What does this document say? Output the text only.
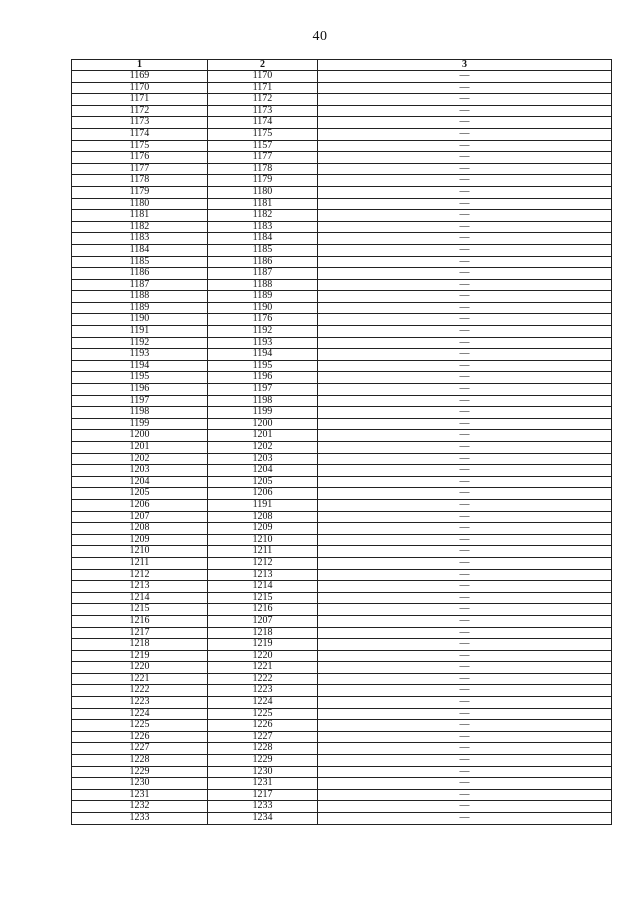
40
1	2	3
1169	1170	—
1170	1171	—
1171	1172	—
1172	1173	—
1173	1174	—
1174	1175	—
1175	1157	—
1176	1177	—
1177	1178	—
1178	1179	—
1179	1180	—
1180	1181	—
1181	1182	—
1182	1183	—
1183	1184	—
1184	1185	—
1185	1186	—
1186	1187	—
1187	1188	—
1188	1189	—
1189	1190	—
1190	1176	—
1191	1192	—
1192	1193	—
1193	1194	—
1194	1195	—
1195	1196	—
1196	1197	—
1197	1198	—
1198	1199	—
1199	1200	—
1200	1201	—
1201	1202	—
1202	1203	—
1203	1204	—
1204	1205	—
1205	1206	—
1206	1191	—
1207	1208	—
1208	1209	—
1209	1210	—
1210	1211	—
1211	1212	—
1212	1213	—
1213	1214	—
1214	1215	—
1215	1216	—
1216	1207	—
1217	1218	—
1218	1219	—
1219	1220	—
1220	1221	—
1221	1222	—
1222	1223	—
1223	1224	—
1224	1225	—
1225	1226	—
1226	1227	—
1227	1228	—
1228	1229	—
1229	1230	—
1230	1231	—
1231	1217	—
1232	1233	—
1233	1234	—
